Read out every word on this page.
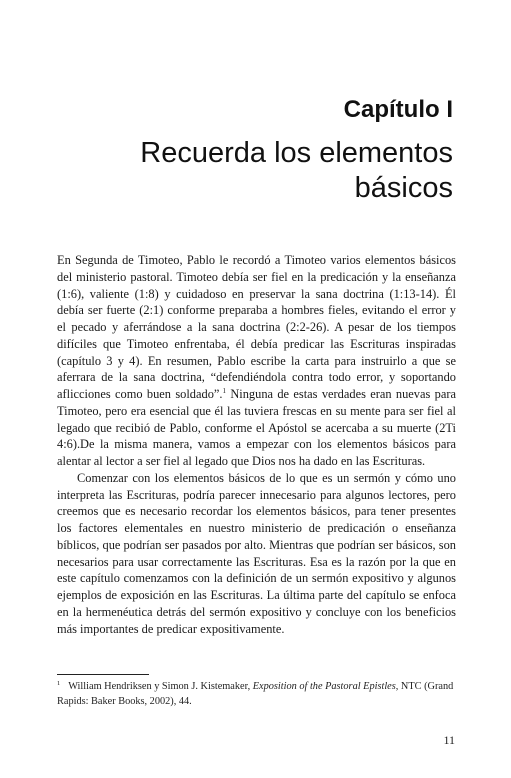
Capítulo I
Recuerda los elementos
básicos

En Segunda de Timoteo, Pablo le recordó a Timoteo varios elementos básicos del ministerio pastoral. Timoteo debía ser fiel en la predicación y la enseñanza (1:6), valiente (1:8) y cuidadoso en preservar la sana doctrina (1:13-14). Él debía ser fuerte (2:1) conforme preparaba a hombres fieles, evitando el error y el pecado y aferrándose a la sana doctrina (2:2-26). A pesar de los tiempos difíciles que Timoteo enfrentaba, él debía predicar las Escrituras inspiradas (capítulo 3 y 4). En resumen, Pablo escribe la carta para instruirlo a que se aferrara de la sana doctrina, “defendiéndola contra todo error, y soportando aflicciones como buen soldado”.$^1$ Ninguna de estas verdades eran nuevas para Timoteo, pero era esencial que él las tuviera frescas en su mente para ser fiel al legado que recibió de Pablo, conforme el Apóstol se acercaba a su muerte (2Ti 4:6).De la misma manera, vamos a empezar con los elementos básicos para alentar al lector a ser fiel al legado que Dios nos ha dado en las Escrituras.

Comenzar con los elementos básicos de lo que es un sermón y cómo uno interpreta las Escrituras, podría parecer innecesario para algunos lectores, pero creemos que es necesario recordar los elementos básicos, para tener presentes los factores elementales en nuestro ministerio de predicación o enseñanza bíblicos, que podrían ser pasados por alto. Mientras que podrían ser básicos, son necesarios para usar correctamente las Escrituras. Esa es la razón por la que en este capítulo comenzamos con la definición de un sermón expositivo y algunos ejemplos de exposición en las Escrituras. La última parte del capítulo se enfoca en la hermenéutica detrás del sermón expositivo y concluye con los beneficios más importantes de predicar expositivamente.

$^1$ William Hendriksen y Simon J. Kistemaker, Exposition of the Pastoral Epistles, NTC (Grand Rapids: Baker Books, 2002), 44.
11
